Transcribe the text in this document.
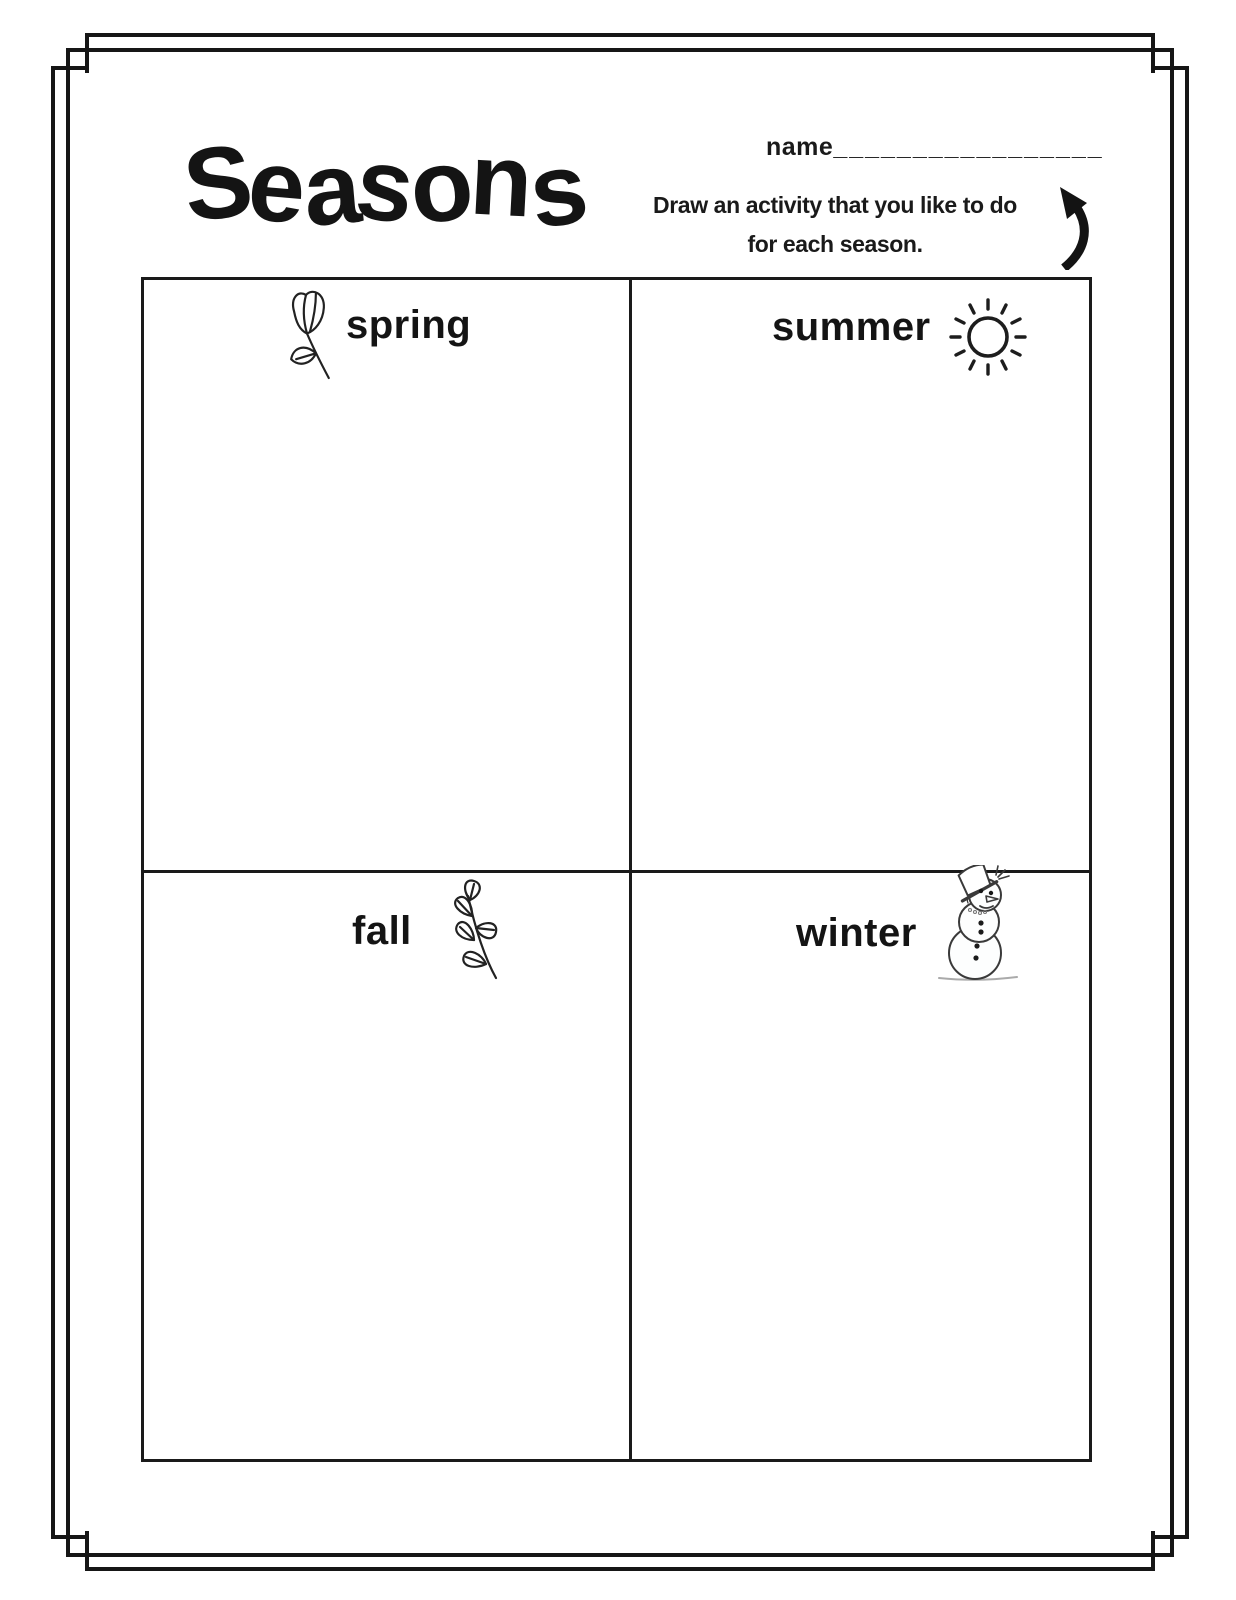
Seasons	name_________________
Draw an activity that you like to do
for each season.
spring	summer
fall	winter
